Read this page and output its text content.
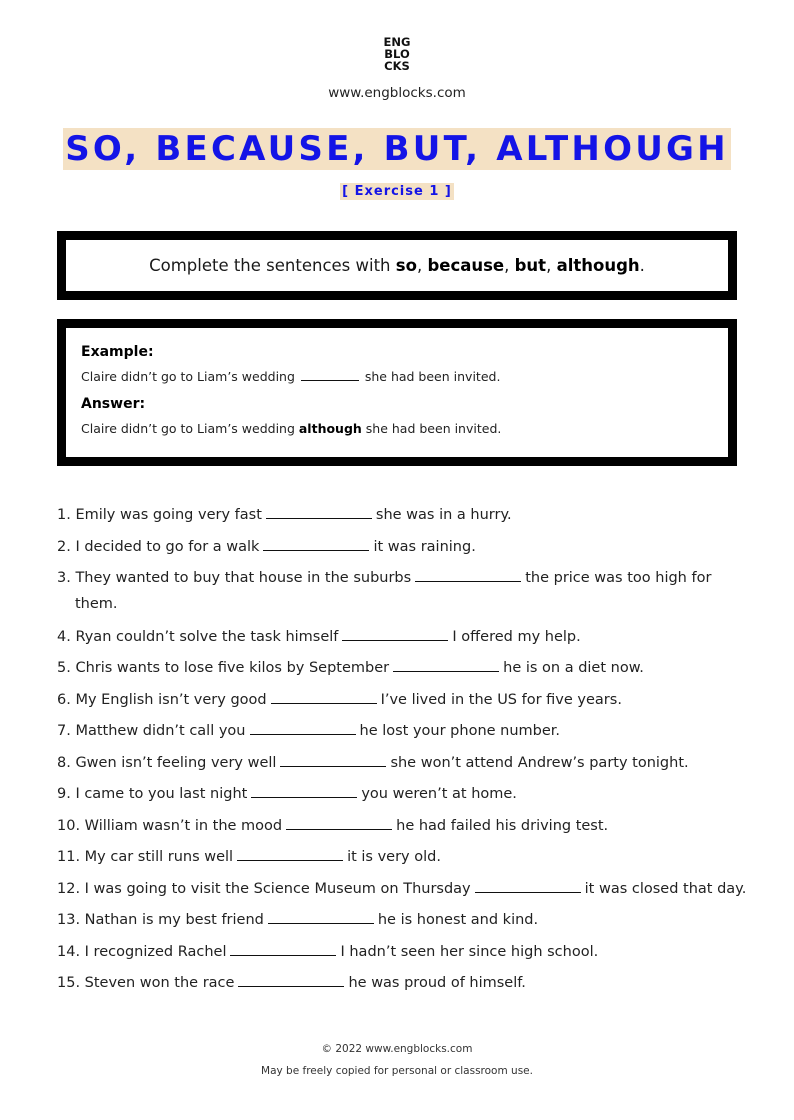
ENG
BLO
CKS
www.engblocks.com
SO, BECAUSE, BUT, ALTHOUGH
[ Exercise 1 ]
Complete the sentences with so, because, but, although.
Example:
Claire didn’t go to Liam’s wedding	she had been invited.
Answer:
Claire didn’t go to Liam’s wedding although she had been invited.
1. Emily was going very fast	she was in a hurry.
2. I decided to go for a walk	it was raining.
3. They wanted to buy that house in the suburbs	the price was too high for
them.
4. Ryan couldn’t solve the task himself	I offered my help.
5. Chris wants to lose five kilos by September	he is on a diet now.
6. My English isn’t very good	I’ve lived in the US for five years.
7. Matthew didn’t call you	he lost your phone number.
8. Gwen isn’t feeling very well	she won’t attend Andrew’s party tonight.
9. I came to you last night	you weren’t at home.
10. William wasn’t in the mood	he had failed his driving test.
11. My car still runs well	it is very old.
12. I was going to visit the Science Museum on Thursday	it was closed that day.
13. Nathan is my best friend	he is honest and kind.
14. I recognized Rachel	I hadn’t seen her since high school.
15. Steven won the race	he was proud of himself.
© 2022 www.engblocks.com
May be freely copied for personal or classroom use.
